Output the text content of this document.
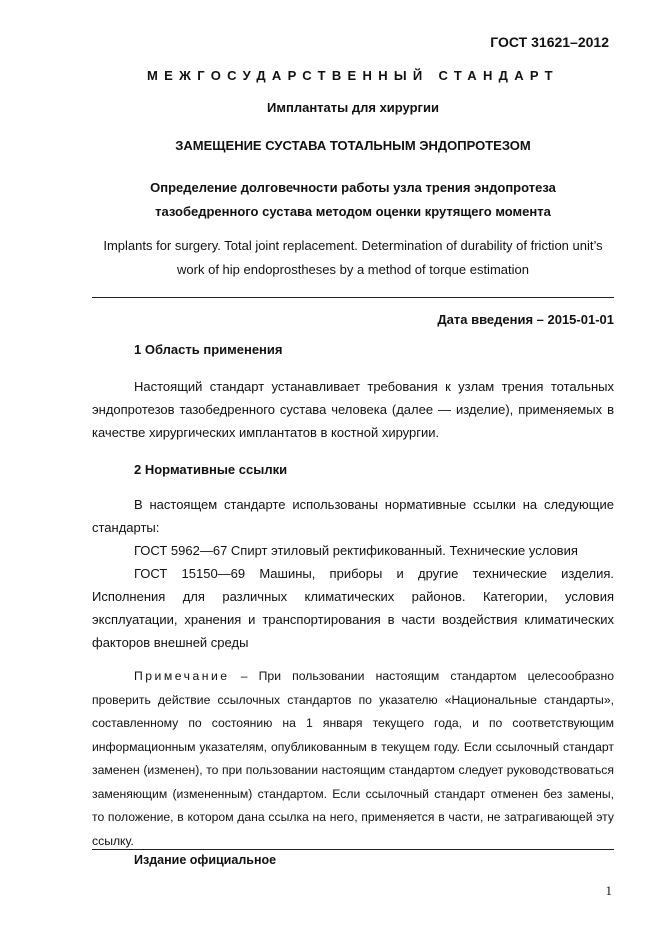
ГОСТ 31621–2012
МЕЖГОСУДАРСТВЕННЫЙ СТАНДАРТ
Имплантаты для хирургии
ЗАМЕЩЕНИЕ СУСТАВА ТОТАЛЬНЫМ ЭНДОПРОТЕЗОМ
Определение долговечности работы узла трения эндопротеза
тазобедренного сустава методом оценки крутящего момента
Implants for surgery. Total joint replacement. Determination of durability of friction unit’s
work of hip endoprostheses by a method of torque estimation
Дата введения – 2015-01-01
1 Область применения
Настоящий стандарт устанавливает требования к узлам трения тотальных эндопротезов тазобедренного сустава человека (далее — изделие), применяемых в качестве хирургических имплантатов в костной хирургии.
2 Нормативные ссылки
В настоящем стандарте использованы нормативные ссылки на следующие стандарты:
ГОСТ 5962—67 Спирт этиловый ректификованный. Технические условия
ГОСТ 15150—69 Машины, приборы и другие технические изделия. Исполнения для различных климатических районов. Категории, условия эксплуатации, хранения и транспортирования в части воздействия климатических факторов внешней среды
Примечание – При пользовании настоящим стандартом целесообразно проверить действие ссылочных стандартов по указателю «Национальные стандарты», составленному по состоянию на 1 января текущего года, и по соответствующим информационным указателям, опубликованным в текущем году. Если ссылочный стандарт заменен (изменен), то при пользовании настоящим стандартом следует руководствоваться заменяющим (измененным) стандартом. Если ссылочный стандарт отменен без замены, то положение, в котором дана ссылка на него, применяется в части, не затрагивающей эту ссылку.
Издание официальное
1
